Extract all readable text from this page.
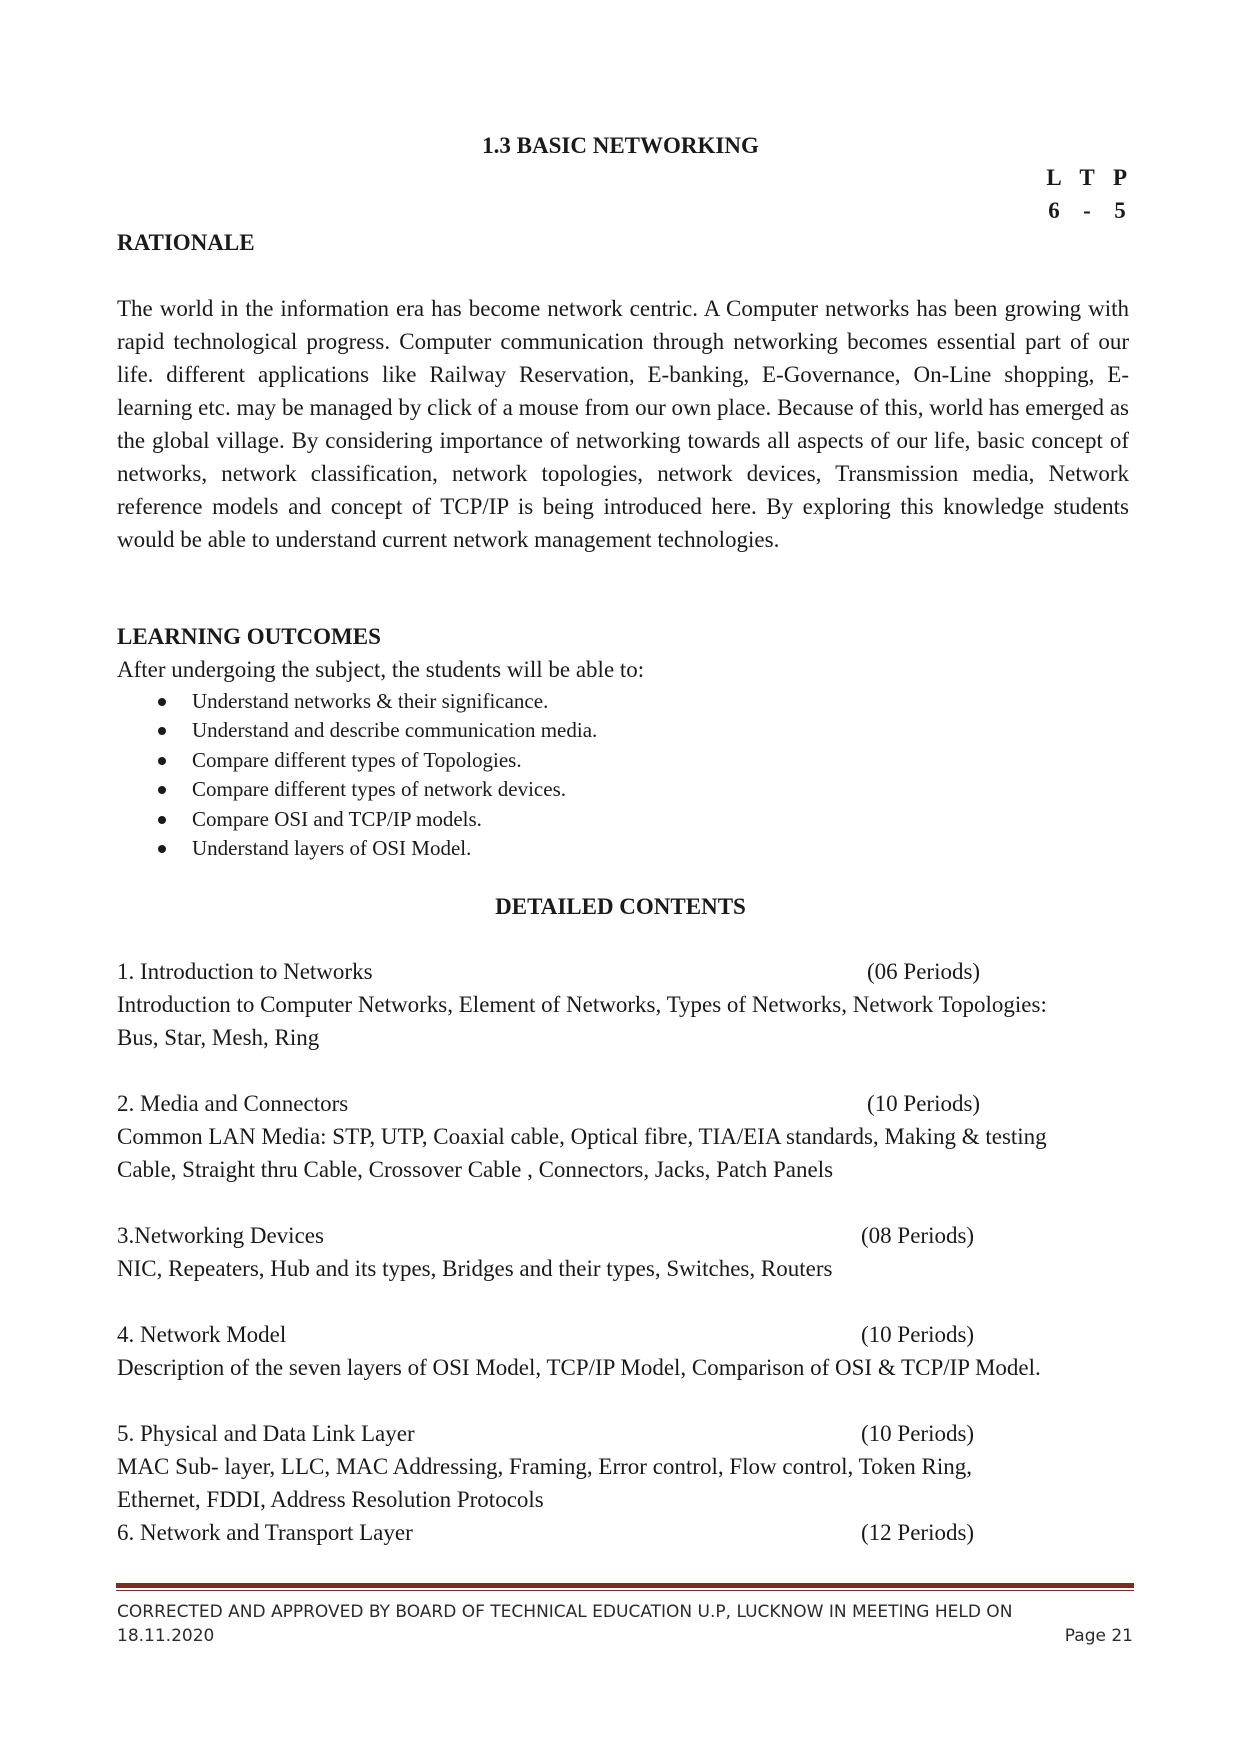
1.3 BASIC NETWORKING
L T P
6	-	5
RATIONALE
The world in the information era has become network centric. A Computer networks has been growing with rapid technological progress. Computer communication through networking becomes essential part of our life. different applications like Railway Reservation, E-banking, E-Governance, On-Line shopping, E-learning etc. may be managed by click of a mouse from our own place. Because of this, world has emerged as the global village. By considering importance of networking towards all aspects of our life, basic concept of networks, network classification, network topologies, network devices, Transmission media, Network reference models and concept of TCP/IP is being introduced here. By exploring this knowledge students would be able to understand current network management technologies.
LEARNING OUTCOMES
After undergoing the subject, the students will be able to:
Understand networks & their significance.
Understand and describe communication media.
Compare different types of Topologies.
Compare different types of network devices.
Compare OSI and TCP/IP models.
Understand layers of OSI Model.
DETAILED CONTENTS
1. Introduction to Networks	(06 Periods)
Introduction to Computer Networks, Element of Networks, Types of Networks, Network Topologies:
Bus, Star, Mesh, Ring
2. Media and Connectors	(10 Periods)
Common LAN Media: STP, UTP, Coaxial cable, Optical fibre, TIA/EIA standards, Making & testing
Cable, Straight thru Cable, Crossover Cable , Connectors, Jacks, Patch Panels
3.Networking Devices	(08 Periods)
NIC, Repeaters, Hub and its types, Bridges and their types, Switches, Routers
4. Network Model	(10 Periods)
Description of the seven layers of OSI Model, TCP/IP Model, Comparison of OSI & TCP/IP Model.
5. Physical and Data Link Layer	(10 Periods)
MAC Sub- layer, LLC, MAC Addressing, Framing, Error control, Flow control, Token Ring,
Ethernet, FDDI, Address Resolution Protocols
6. Network and Transport Layer	(12 Periods)
CORRECTED AND APPROVED BY BOARD OF TECHNICAL EDUCATION U.P, LUCKNOW IN MEETING HELD ON
18.11.2020	Page 21
